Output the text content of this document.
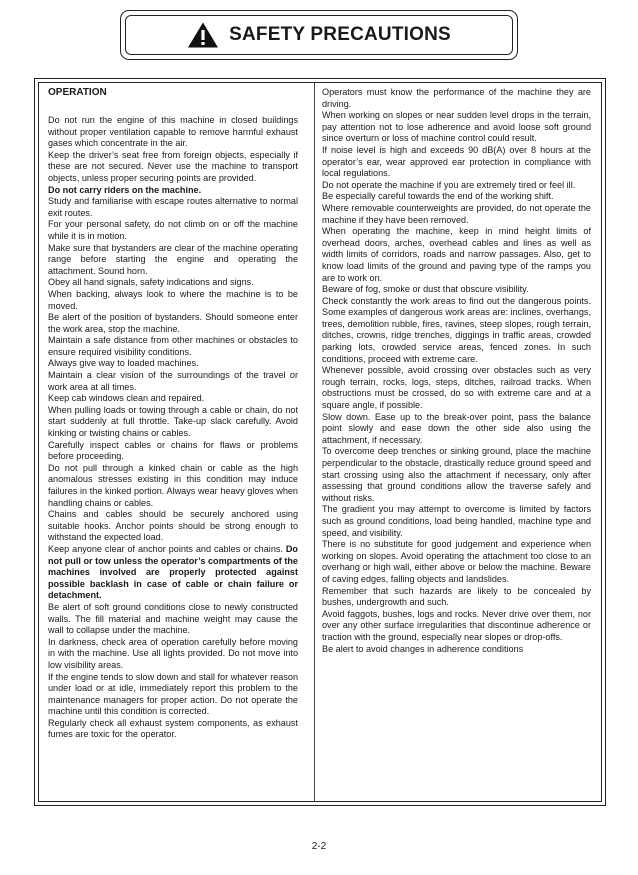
SAFETY PRECAUTIONS

OPERATION

Do not run the engine of this machine in closed buildings without proper ventilation capable to remove harmful exhaust gases which concentrate in the air.

Keep the driver’s seat free from foreign objects, especially if these are not secured. Never use the machine to transport objects, unless proper securing points are provided.

Do not carry riders on the machine.

Study and familiarise with escape routes alternative to normal exit routes.

For your personal safety, do not climb on or off the machine while it is in motion.

Make sure that bystanders are clear of the machine operating range before starting the engine and operating the attachment. Sound horn.

Obey all hand signals, safety indications and signs.

When backing, always look to where the machine is to be moved.

Be alert of the position of bystanders. Should someone enter the work area, stop the machine.

Maintain a safe distance from other machines or obstacles to ensure required visibility conditions.

Always give way to loaded machines.

Maintain a clear vision of the surroundings of the travel or work area at all times.

Keep cab windows clean and repaired.

When pulling loads or towing through a cable or chain, do not start suddenly at full throttle. Take-up slack carefully. Avoid kinking or twisting chains or cables.

Carefully inspect cables or chains for flaws or problems before proceeding.

Do not pull through a kinked chain or cable as the high anomalous stresses existing in this condition may induce failures in the kinked portion. Always wear heavy gloves when handling chains or cables.

Chains and cables should be securely anchored using suitable hooks. Anchor points should be strong enough to withstand the expected load.

Keep anyone clear of anchor points and cables or chains. Do not pull or tow unless the operator’s compartments of the machines involved are properly protected against possible backlash in case of cable or chain failure or detachment.

Be alert of soft ground conditions close to newly constructed walls. The fill material and machine weight may cause the wall to collapse under the machine.

In darkness, check area of operation carefully before moving in with the machine. Use all lights provided. Do not move into low visibility areas.

If the engine tends to slow down and stall for whatever reason under load or at idle, immediately report this problem to the maintenance managers for proper action. Do not operate the machine until this condition is corrected.

Regularly check all exhaust system components, as exhaust fumes are toxic for the operator.

Operators must know the performance of the machine they are driving.

When working on slopes or near sudden level drops in the terrain, pay attention not to lose adherence and avoid loose soft ground since overturn or loss of machine control could result.

If noise level is high and exceeds 90 dB(A) over 8 hours at the operator’s ear, wear approved ear protection in compliance with local regulations.

Do not operate the machine if you are extremely tired or feel ill.

Be especially careful towards the end of the working shift.

Where removable counterweights are provided, do not operate the machine if they have been removed.

When operating the machine, keep in mind height limits of overhead doors, arches, overhead cables and lines as well as width limits of corridors, roads and narrow passages. Also, get to know load limits of the ground and paving type of the ramps you are to work on.

Beware of fog, smoke or dust that obscure visibility.

Check constantly the work areas to find out the dangerous points. Some examples of dangerous work areas are: inclines, overhangs, trees, demolition rubble, fires, ravines, steep slopes, rough terrain, ditches, crowns, ridge trenches, diggings in traffic areas, crowded parking lots, crowded service areas, fenced zones. In such conditions, proceed with extreme care.

Whenever possible, avoid crossing over obstacles such as very rough terrain, rocks, logs, steps, ditches, railroad tracks. When obstructions must be crossed, do so with extreme care and at a square angle, if possible.

Slow down. Ease up to the break-over point, pass the balance point slowly and ease down the other side also using the attachment, if necessary.

To overcome deep trenches or sinking ground, place the machine perpendicular to the obstacle, drastically reduce ground speed and start crossing using also the attachment if necessary, only after assessing that ground conditions allow the traverse safely and without risks.

The gradient you may attempt to overcome is limited by factors such as ground conditions, load being handled, machine type and speed, and visibility.

There is no substitute for good judgement and experience when working on slopes. Avoid operating the attachment too close to an overhang or high wall, either above or below the machine. Beware of caving edges, falling objects and landslides.

Remember that such hazards are likely to be concealed by bushes, undergrowth and such.

Avoid faggots, bushes, logs and rocks. Never drive over them, nor over any other surface irregularities that discontinue adherence or traction with the ground, especially near slopes or drop-offs.

Be alert to avoid changes in adherence conditions

2-2
